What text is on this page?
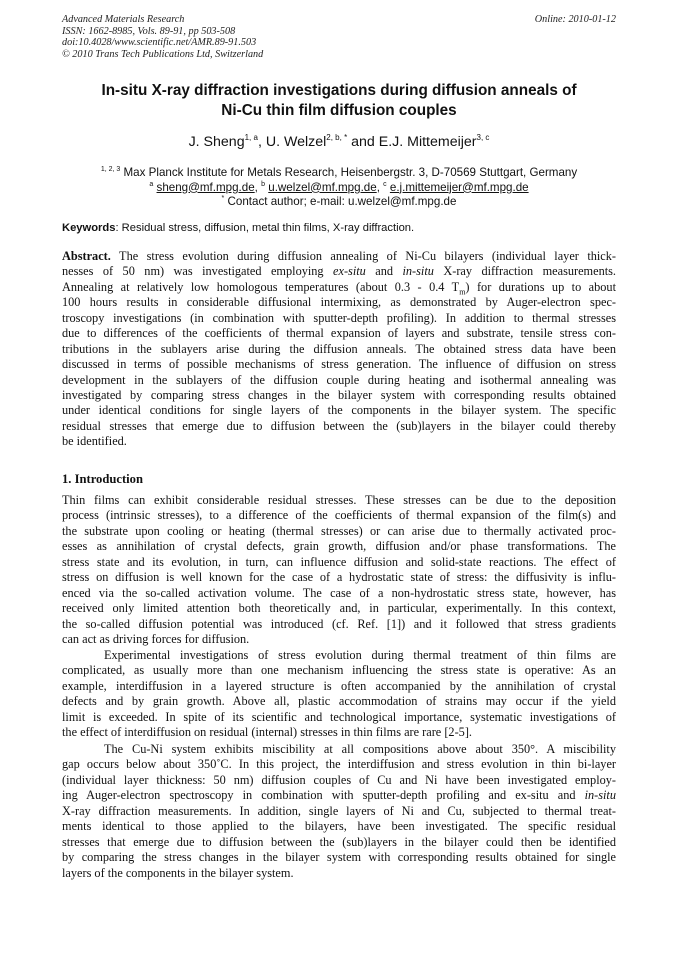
Advanced Materials Research
ISSN: 1662-8985, Vols. 89-91, pp 503-508
doi:10.4028/www.scientific.net/AMR.89-91.503
© 2010 Trans Tech Publications Ltd, Switzerland
Online: 2010-01-12
In-situ X-ray diffraction investigations during diffusion anneals of
Ni-Cu thin film diffusion couples
J. Sheng$^{1, a}$, U. Welzel$^{2, b, *}$ and E.J. Mittemeijer$^{3, c}$
$^{1, 2, 3}$ Max Planck Institute for Metals Research, Heisenbergstr. 3, D-70569 Stuttgart, Germany
$^a$ sheng@mf.mpg.de, $^b$ u.welzel@mf.mpg.de, $^c$ e.j.mittemeijer@mf.mpg.de
* Contact author; e-mail: u.welzel@mf.mpg.de
Keywords: Residual stress, diffusion, metal thin films, X-ray diffraction.
Abstract. The stress evolution during diffusion annealing of Ni-Cu bilayers (individual layer thick-
nesses of 50 nm) was investigated employing ex-situ and in-situ X-ray diffraction measurements.
Annealing at relatively low homologous temperatures (about 0.3 - 0.4 $T_m$) for durations up to about
100 hours results in considerable diffusional intermixing, as demonstrated by Auger-electron spec-
troscopy investigations (in combination with sputter-depth profiling). In addition to thermal stresses
due to differences of the coefficients of thermal expansion of layers and substrate, tensile stress con-
tributions in the sublayers arise during the diffusion anneals. The obtained stress data have been
discussed in terms of possible mechanisms of stress generation. The influence of diffusion on stress
development in the sublayers of the diffusion couple during heating and isothermal annealing was
investigated by comparing stress changes in the bilayer system with corresponding results obtained
under identical conditions for single layers of the components in the bilayer system. The specific
residual stresses that emerge due to diffusion between the (sub)layers in the bilayer could thereby
be identified.
1. Introduction
Thin films can exhibit considerable residual stresses. These stresses can be due to the deposition
process (intrinsic stresses), to a difference of the coefficients of thermal expansion of the film(s) and
the substrate upon cooling or heating (thermal stresses) or can arise due to thermally activated proc-
esses as annihilation of crystal defects, grain growth, diffusion and/or phase transformations. The
stress state and its evolution, in turn, can influence diffusion and solid-state reactions. The effect of
stress on diffusion is well known for the case of a hydrostatic state of stress: the diffusivity is influ-
enced via the so-called activation volume. The case of a non-hydrostatic stress state, however, has
received only limited attention both theoretically and, in particular, experimentally. In this context,
the so-called diffusion potential was introduced (cf. Ref. [1]) and it followed that stress gradients
can act as driving forces for diffusion.
Experimental investigations of stress evolution during thermal treatment of thin films are
complicated, as usually more than one mechanism influencing the stress state is operative: As an
example, interdiffusion in a layered structure is often accompanied by the annihilation of crystal
defects and by grain growth. Above all, plastic accommodation of strains may occur if the yield
limit is exceeded. In spite of its scientific and technological importance, systematic investigations of
the effect of interdiffusion on residual (internal) stresses in thin films are rare [2-5].
The Cu-Ni system exhibits miscibility at all compositions above about 350°. A miscibility
gap occurs below about 350˚C. In this project, the interdiffusion and stress evolution in thin bi-layer
(individual layer thickness: 50 nm) diffusion couples of Cu and Ni have been investigated employ-
ing Auger-electron spectroscopy in combination with sputter-depth profiling and ex-situ and in-situ
X-ray diffraction measurements. In addition, single layers of Ni and Cu, subjected to thermal treat-
ments identical to those applied to the bilayers, have been investigated. The specific residual
stresses that emerge due to diffusion between the (sub)layers in the bilayer could then be identified
by comparing the stress changes in the bilayer system with corresponding results obtained for single
layers of the components in the bilayer system.
